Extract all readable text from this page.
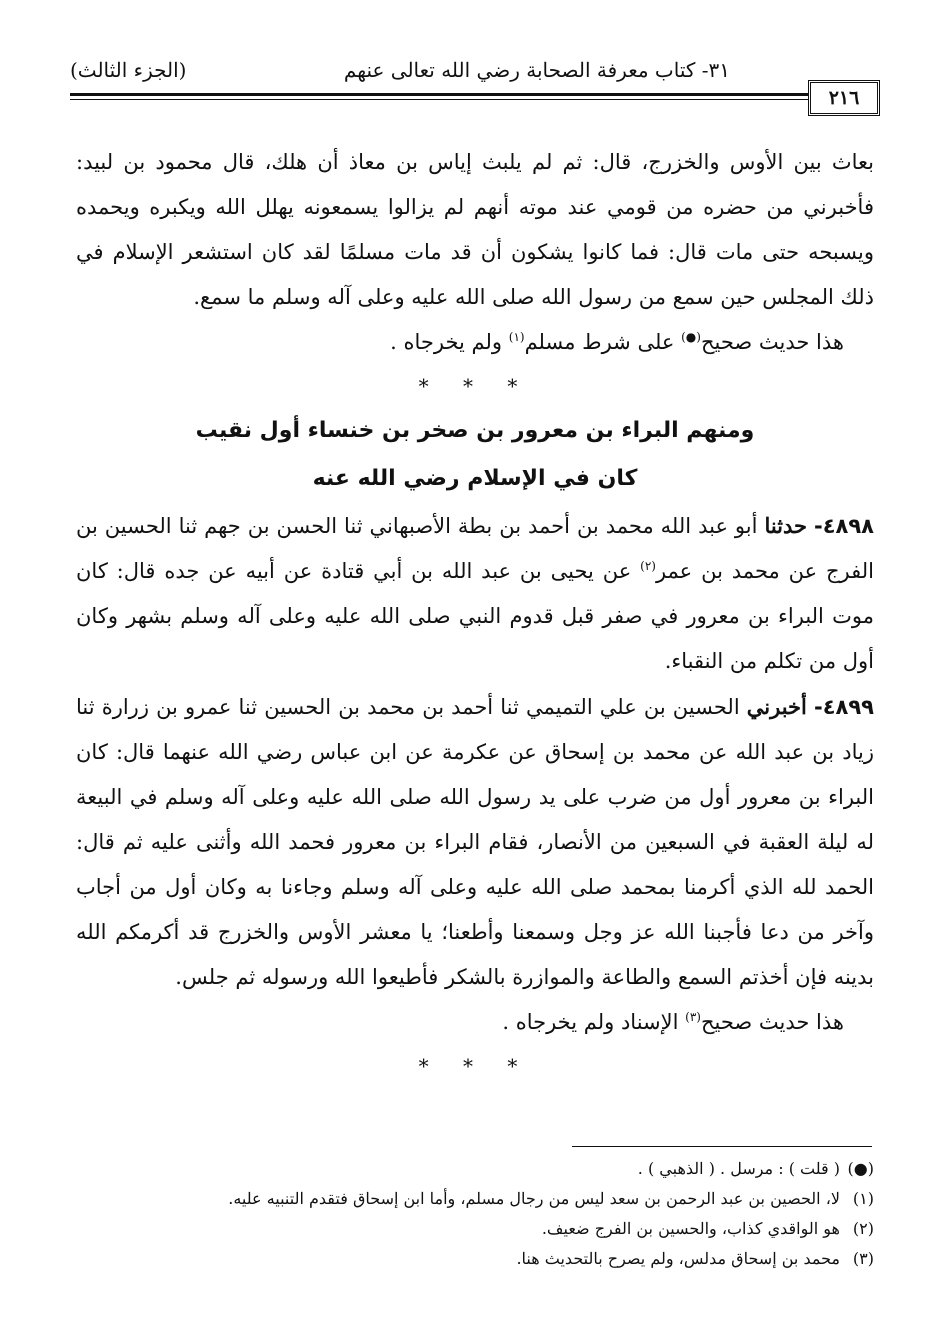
٣١- كتاب معرفة الصحابة رضي الله تعالى عنهم
(الجزء الثالث)
٢١٦

بعاث بين الأوس والخزرج، قال: ثم لم يلبث إياس بن معاذ أن هلك، قال محمود بن لبيد: فأخبرني من حضره من قومي عند موته أنهم لم يزالوا يسمعونه يهلل الله ويكبره ويحمده ويسبحه حتى مات قال: فما كانوا يشكون أن قد مات مسلمًا لقد كان استشعر الإسلام في ذلك المجلس حين سمع من رسول الله صلى الله عليه وعلى آله وسلم ما سمع.

هذا حديث صحيح(●) على شرط مسلم$^{(١)}$ ولم يخرجاه .

* * *
ومنهم البراء بن معرور بن صخر بن خنساء أول نقيب
كان في الإسلام رضي الله عنه

٤٨٩٨- حدثنا أبو عبد الله محمد بن أحمد بن بطة الأصبهاني ثنا الحسن بن جهم ثنا الحسين بن الفرج عن محمد بن عمر$^{(٢)}$ عن يحيى بن عبد الله بن أبي قتادة عن أبيه عن جده قال: كان موت البراء بن معرور في صفر قبل قدوم النبي صلى الله عليه وعلى آله وسلم بشهر وكان أول من تكلم من النقباء.

٤٨٩٩- أخبرني الحسين بن علي التميمي ثنا أحمد بن محمد بن الحسين ثنا عمرو بن زرارة ثنا زياد بن عبد الله عن محمد بن إسحاق عن عكرمة عن ابن عباس رضي الله عنهما قال: كان البراء بن معرور أول من ضرب على يد رسول الله صلى الله عليه وعلى آله وسلم في البيعة له ليلة العقبة في السبعين من الأنصار، فقام البراء بن معرور فحمد الله وأثنى عليه ثم قال: الحمد لله الذي أكرمنا بمحمد صلى الله عليه وعلى آله وسلم وجاءنا به وكان أول من أجاب وآخر من دعا فأجبنا الله عز وجل وسمعنا وأطعنا؛ يا معشر الأوس والخزرج قد أكرمكم الله بدينه فإن أخذتم السمع والطاعة والموازرة بالشكر فأطيعوا الله ورسوله ثم جلس.

هذا حديث صحيح$^{(٣)}$ الإسناد ولم يخرجاه .

* * *

(●)( قلت ) : مرسل . ( الذهبي ) .

(١)لا، الحصين بن عبد الرحمن بن سعد ليس من رجال مسلم، وأما ابن إسحاق فتقدم التنبيه عليه.

(٢)هو الواقدي كذاب، والحسين بن الفرج ضعيف.

(٣)محمد بن إسحاق مدلس، ولم يصرح بالتحديث هنا.
